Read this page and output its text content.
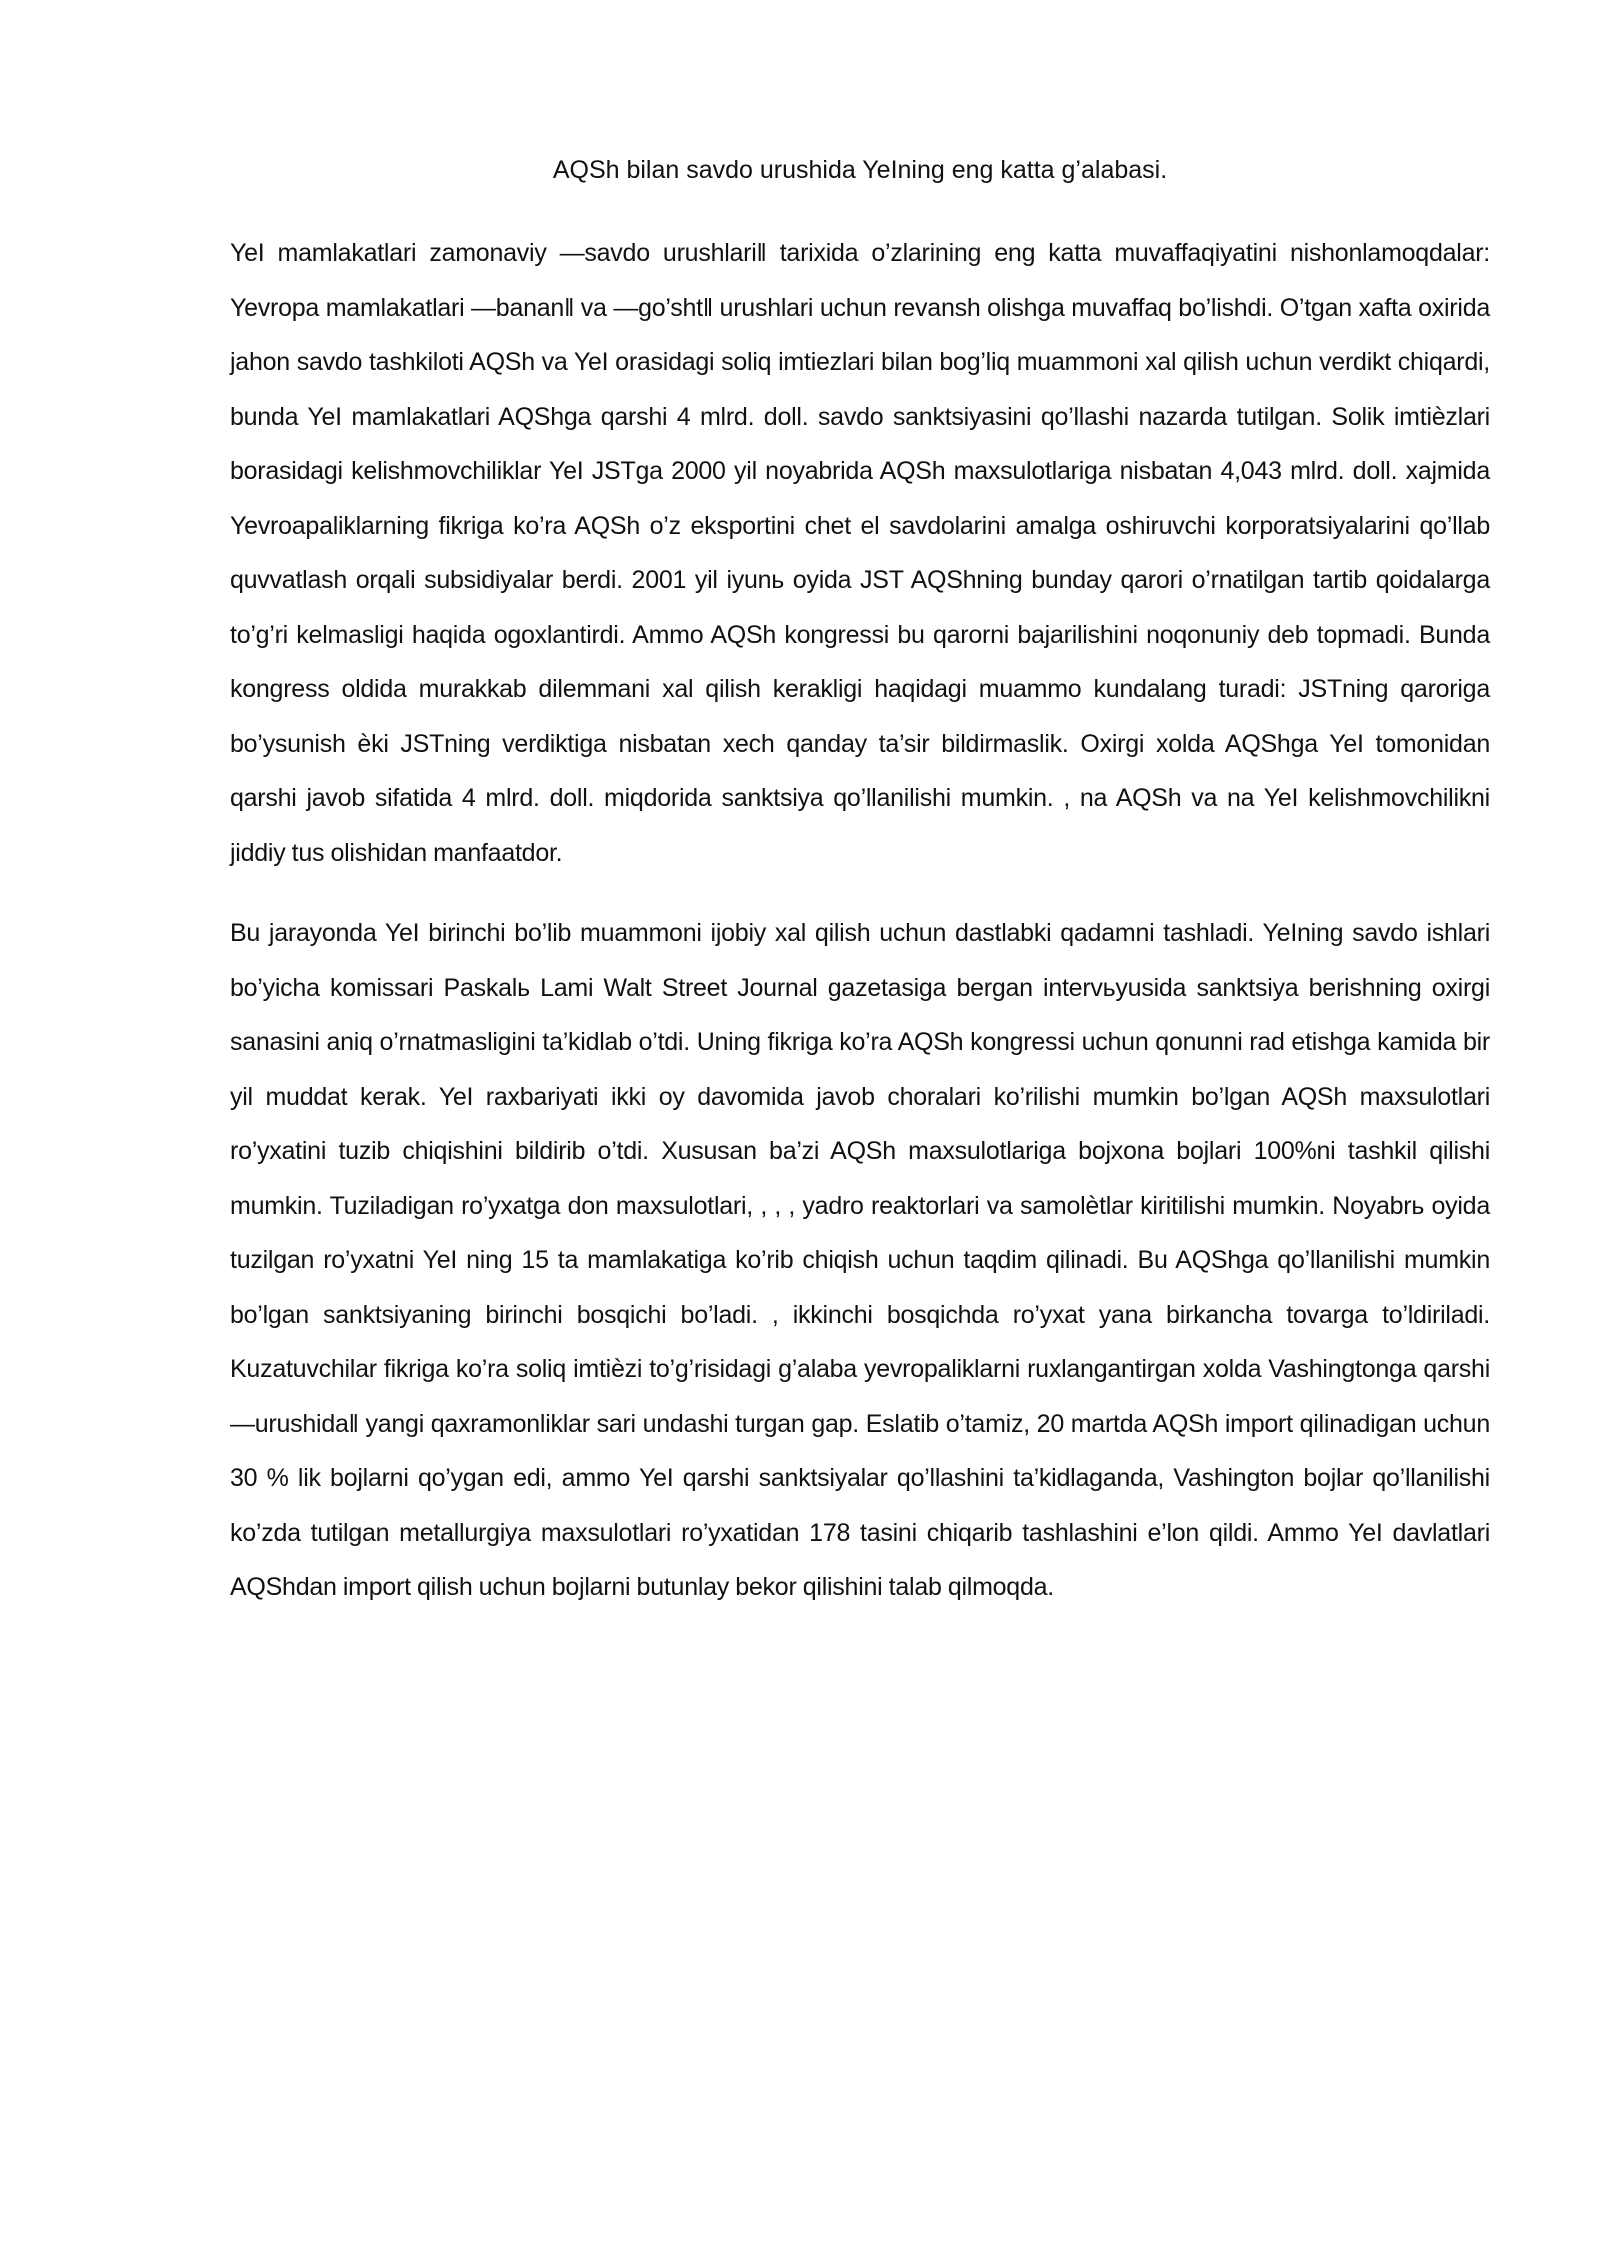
AQSh bilan savdo urushida YeIning eng katta g’alabasi.

YeI mamlakatlari zamonaviy ―savdo urushlari‖ tarixida o’zlarining eng katta muvaffaqiyatini nishonlamoqdalar: Yevropa mamlakatlari ―banan‖ va ―go’sht‖ urushlari uchun revansh olishga muvaffaq bo’lishdi. O’tgan xafta oxirida jahon savdo tashkiloti AQSh va YeI orasidagi soliq imtiezlari bilan bog’liq muammoni xal qilish uchun verdikt chiqardi, bunda YeI mamlakatlari AQShga qarshi 4 mlrd. doll. savdo sanktsiyasini qo’llashi nazarda tutilgan. Solik imtièzlari borasidagi kelishmovchiliklar YeI JSTga 2000 yil noyabrida AQSh maxsulotlariga nisbatan 4,043 mlrd. doll. xajmida Yevroapaliklarning fikriga ko’ra AQSh o’z eksportini chet el savdolarini amalga oshiruvchi korporatsiyalarini qo’llab quvvatlash orqali subsidiyalar berdi. 2001 yil iyunь oyida JST AQShning bunday qarori o’rnatilgan tartib qoidalarga to’g’ri kelmasligi haqida ogoxlantirdi. Ammo AQSh kongressi bu qarorni bajarilishini noqonuniy deb topmadi. Bunda kongress oldida murakkab dilemmani xal qilish kerakligi haqidagi muammo kundalang turadi: JSTning qaroriga bo’ysunish èki JSTning verdiktiga nisbatan xech qanday ta’sir bildirmaslik. Oxirgi xolda AQShga YeI tomonidan qarshi javob sifatida 4 mlrd. doll. miqdorida sanktsiya qo’llanilishi mumkin. , na AQSh va na YeI kelishmovchilikni jiddiy tus olishidan manfaatdor.

Bu jarayonda YeI birinchi bo’lib muammoni ijobiy xal qilish uchun dastlabki qadamni tashladi. YeIning savdo ishlari bo’yicha komissari Paskalь Lami Walt Street Journal gazetasiga bergan intervьyusida sanktsiya berishning oxirgi sanasini aniq o’rnatmasligini ta’kidlab o’tdi. Uning fikriga ko’ra AQSh kongressi uchun qonunni rad etishga kamida bir yil muddat kerak. YeI raxbariyati ikki oy davomida javob choralari ko’rilishi mumkin bo’lgan AQSh maxsulotlari ro’yxatini tuzib chiqishini bildirib o’tdi. Xususan ba’zi AQSh maxsulotlariga bojxona bojlari 100%ni tashkil qilishi mumkin. Tuziladigan ro’yxatga don maxsulotlari, , , , yadro reaktorlari va samolètlar kiritilishi mumkin. Noyabrь oyida tuzilgan ro’yxatni YeI ning 15 ta mamlakatiga ko’rib chiqish uchun taqdim qilinadi. Bu AQShga qo’llanilishi mumkin bo’lgan sanktsiyaning birinchi bosqichi bo’ladi. , ikkinchi bosqichda ro’yxat yana birkancha tovarga to’ldiriladi. Kuzatuvchilar fikriga ko’ra soliq imtièzi to’g’risidagi g’alaba yevropaliklarni ruxlangantirgan xolda Vashingtonga qarshi ―urushida‖ yangi qaxramonliklar sari undashi turgan gap. Eslatib o’tamiz, 20 martda AQSh import qilinadigan uchun 30 % lik bojlarni qo’ygan edi, ammo YeI qarshi sanktsiyalar qo’llashini ta’kidlaganda, Vashington bojlar qo’llanilishi ko’zda tutilgan metallurgiya maxsulotlari ro’yxatidan 178 tasini chiqarib tashlashini e’lon qildi. Ammo YeI davlatlari AQShdan import qilish uchun bojlarni butunlay bekor qilishini talab qilmoqda.
